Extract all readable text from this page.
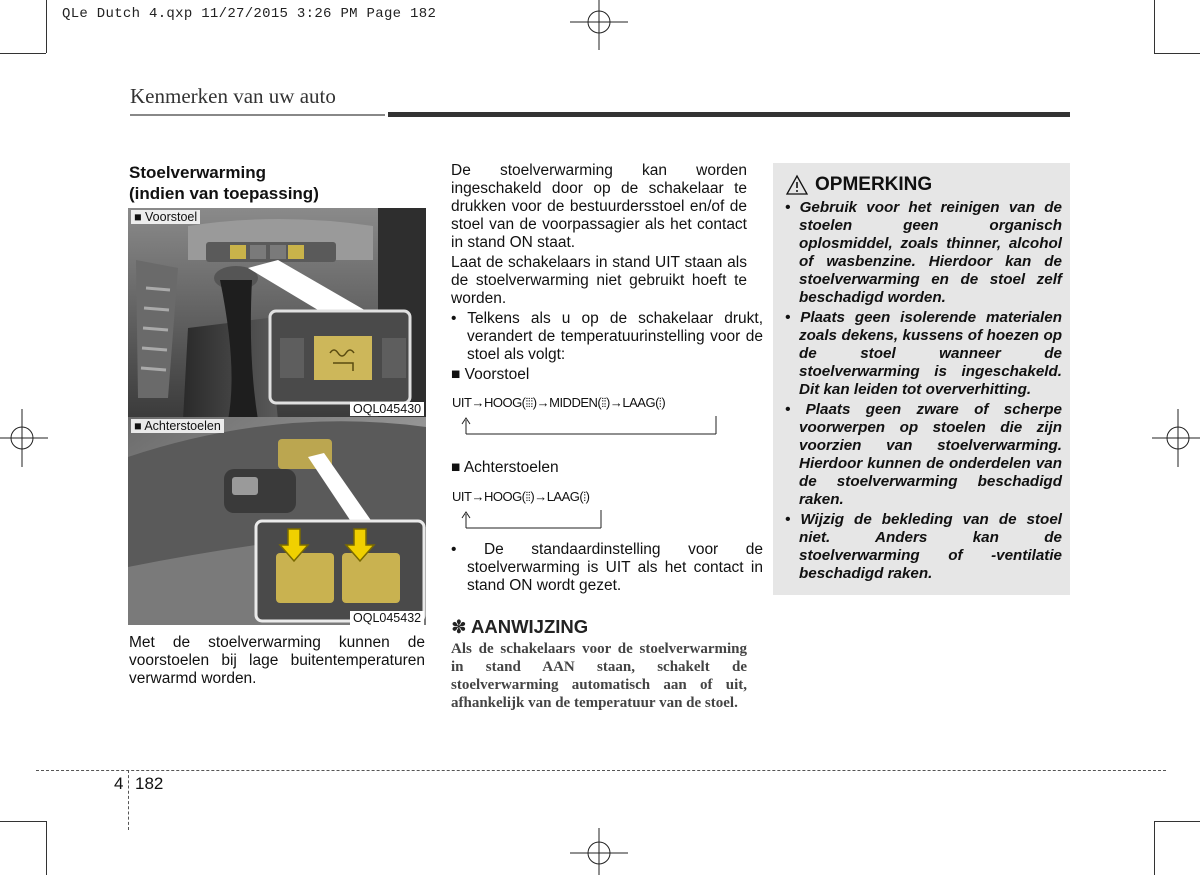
QLe Dutch 4.qxp 11/27/2015 3:26 PM Page 182
Kenmerken van uw auto
Stoelverwarming
(indien van toepassing)
■ Voorstoel
OQL045430
■ Achterstoelen
OQL045432
Met de stoelverwarming kunnen de voorstoelen bij lage buitentemperaturen verwarmd worden.
De stoelverwarming kan worden ingeschakeld door op de schakelaar te drukken voor de bestuurdersstoel en/of de stoel van de voorpassagier als het contact in stand ON staat.
Laat de schakelaars in stand UIT staan als de stoelverwarming niet gebruikt hoeft te worden.
• Telkens als u op de schakelaar drukt, verandert de temperatuurinstelling voor de stoel als volgt:
■ Voorstoel
UIT→HOOG(⦙⦙⦙)→MIDDEN(⦙⦙)→LAAG(⦙)
■ Achterstoelen
UIT→HOOG(⦙⦙)→LAAG(⦙)
• De standaardinstelling voor de stoelverwarming is UIT als het contact in stand ON wordt gezet.
✽ AANWIJZING
Als de schakelaars voor de stoelverwarming in stand AAN staan, schakelt de stoelverwarming automatisch aan of uit, afhankelijk van de temperatuur van de stoel.
OPMERKING
• Gebruik voor het reinigen van de stoelen geen organisch oplosmiddel, zoals thinner, alcohol of wasbenzine. Hierdoor kan de stoelverwarming en de stoel zelf beschadigd worden.
• Plaats geen isolerende materialen zoals dekens, kussens of hoezen op de stoel wanneer de stoelverwarming is ingeschakeld. Dit kan leiden tot oververhitting.
• Plaats geen zware of scherpe voorwerpen op stoelen die zijn voorzien van stoelverwarming. Hierdoor kunnen de onderdelen van de stoelverwarming beschadigd raken.
• Wijzig de bekleding van de stoel niet. Anders kan de stoelverwarming of -ventilatie beschadigd raken.
4 182
